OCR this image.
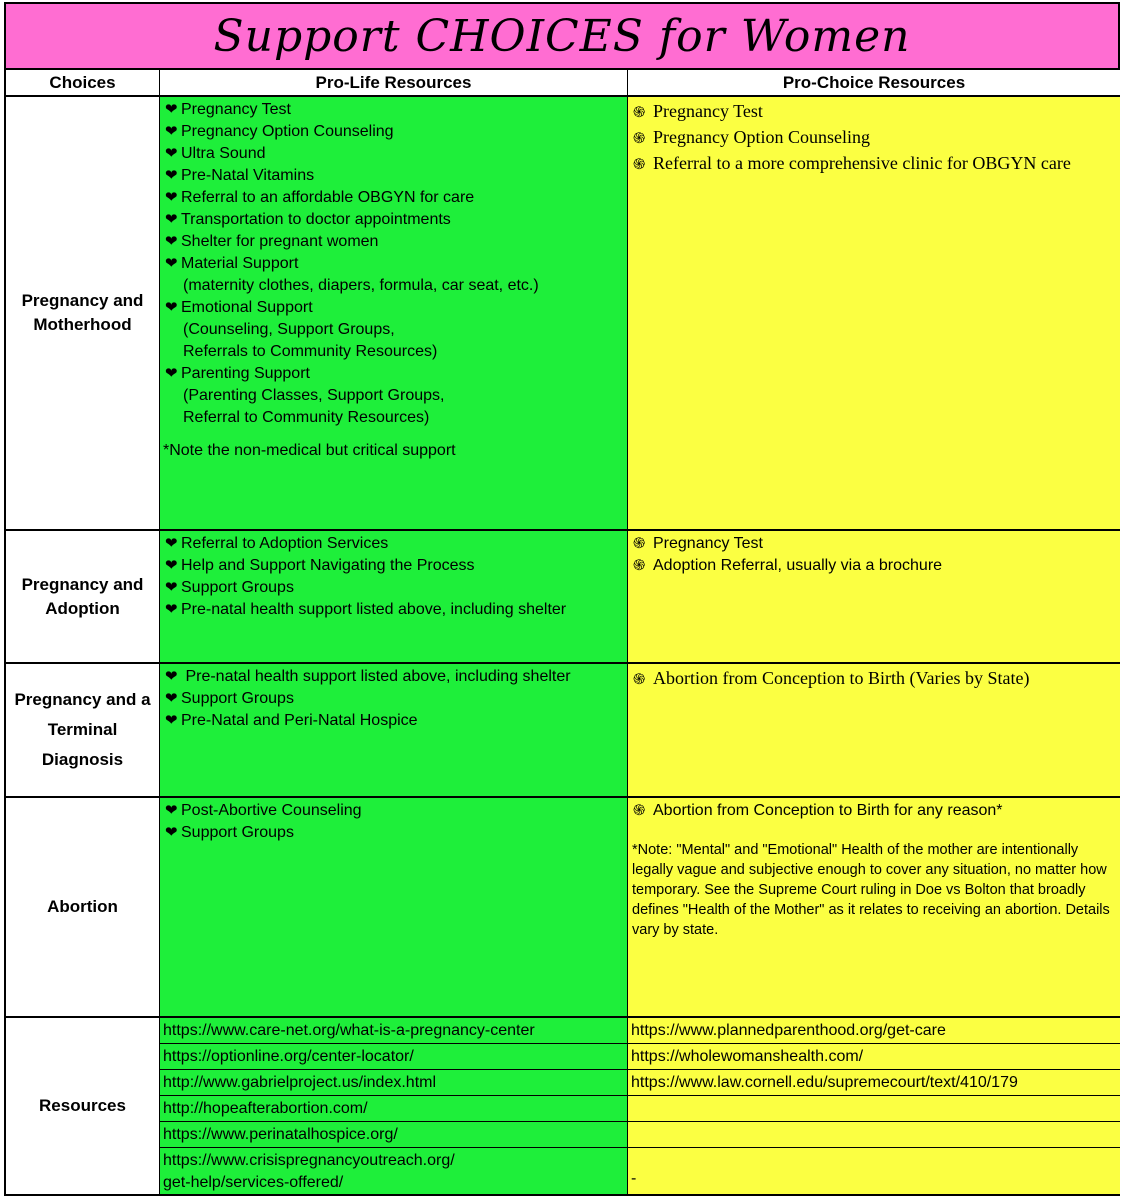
Support CHOICES for Women
Choices	Pro-Life Resources	Pro-Choice Resources
Pregnancy and Motherhood
❤ Pregnancy Test
❤ Pregnancy Option Counseling
❤ Ultra Sound
❤ Pre-Natal Vitamins
❤ Referral to an affordable OBGYN for care
❤ Transportation to doctor appointments
❤ Shelter for pregnant women
❤ Material Support
(maternity clothes, diapers, formula, car seat, etc.)
❤ Emotional Support
(Counseling, Support Groups,
Referrals to Community Resources)
❤ Parenting Support
(Parenting Classes, Support Groups,
Referral to Community Resources)
*Note the non-medical but critical support
֍ Pregnancy Test
֍ Pregnancy Option Counseling
֍ Referral to a more comprehensive clinic for OBGYN care
Pregnancy and Adoption
❤ Referral to Adoption Services
❤ Help and Support Navigating the Process
❤ Support Groups
❤ Pre-natal health support listed above, including shelter
֍ Pregnancy Test
֍ Adoption Referral, usually via a brochure
Pregnancy and a Terminal Diagnosis
❤ Pre-natal health support listed above, including shelter
❤ Support Groups
❤ Pre-Natal and Peri-Natal Hospice
֍ Abortion from Conception to Birth (Varies by State)
Abortion
❤ Post-Abortive Counseling
❤ Support Groups
֍ Abortion from Conception to Birth for any reason*
*Note: "Mental" and "Emotional" Health of the mother are intentionally legally vague and subjective enough to cover any situation, no matter how temporary. See the Supreme Court ruling in Doe vs Bolton that broadly defines "Health of the Mother" as it relates to receiving an abortion. Details vary by state.
Resources
https://www.care-net.org/what-is-a-pregnancy-center
https://optionline.org/center-locator/
http://www.gabrielproject.us/index.html
http://hopeafterabortion.com/
https://www.perinatalhospice.org/
https://www.crisispregnancyoutreach.org/
get-help/services-offered/
https://www.plannedparenthood.org/get-care
https://wholewomanshealth.com/
https://www.law.cornell.edu/supremecourt/text/410/179
-
